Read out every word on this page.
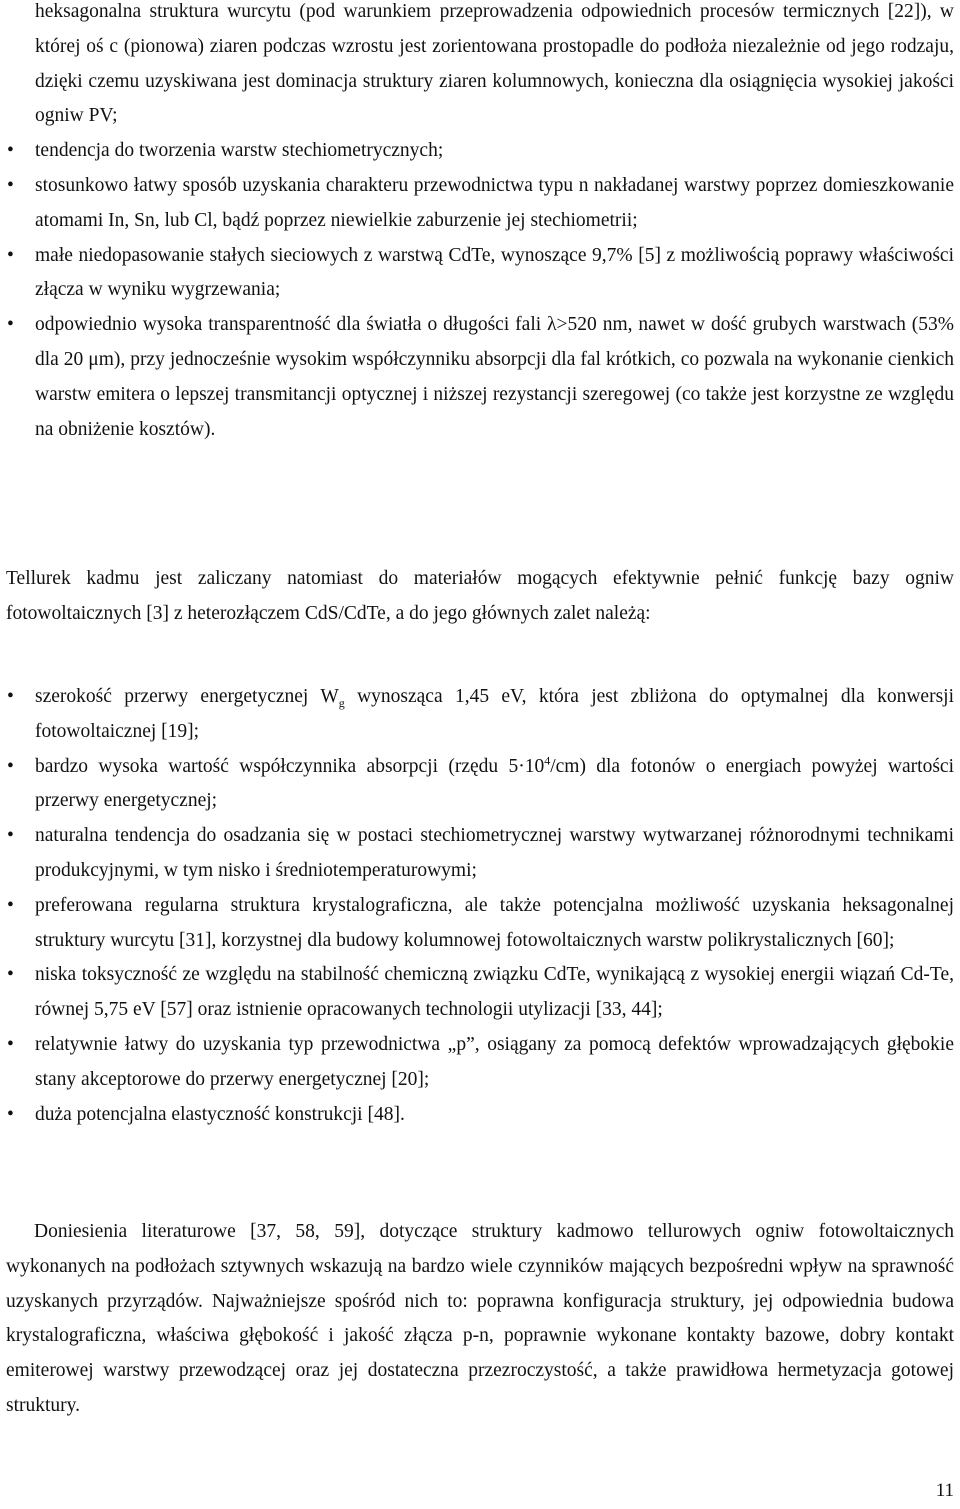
heksagonalna struktura wurcytu (pod warunkiem przeprowadzenia odpowiednich procesów termicznych [22]), w której oś c (pionowa) ziaren podczas wzrostu jest zorientowana prostopadle do podłoża niezależnie od jego rodzaju, dzięki czemu uzyskiwana jest dominacja struktury ziaren kolumnowych, konieczna dla osiągnięcia wysokiej jakości ogniw PV;
•	tendencja do tworzenia warstw stechiometrycznych;
•	stosunkowo łatwy sposób uzyskania charakteru przewodnictwa typu n nakładanej warstwy poprzez domieszkowanie atomami In, Sn, lub Cl, bądź poprzez niewielkie zaburzenie jej stechiometrii;
•	małe niedopasowanie stałych sieciowych z warstwą CdTe, wynoszące 9,7% [5] z możliwością poprawy właściwości złącza w wyniku wygrzewania;
•	odpowiednio wysoka transparentność dla światła o długości fali λ>520 nm, nawet w dość grubych warstwach (53% dla 20 μm), przy jednocześnie wysokim współczynniku absorpcji dla fal krótkich, co pozwala na wykonanie cienkich warstw emitera o lepszej transmitancji optycznej i niższej rezystancji szeregowej (co także jest korzystne ze względu na obniżenie kosztów).

Tellurek kadmu jest zaliczany natomiast do materiałów mogących efektywnie pełnić funkcję bazy ogniw fotowoltaicznych [3] z heterozłączem CdS/CdTe, a do jego głównych zalet należą:

•	szerokość przerwy energetycznej $W_g$ wynosząca 1,45 eV, która jest zbliżona do optymalnej dla konwersji fotowoltaicznej [19];
•	bardzo wysoka wartość współczynnika absorpcji (rzędu $5\cdot 10^4/cm$) dla fotonów o energiach powyżej wartości przerwy energetycznej;
•	naturalna tendencja do osadzania się w postaci stechiometrycznej warstwy wytwarzanej różnorodnymi technikami produkcyjnymi, w tym nisko i średniotemperaturowymi;
•	preferowana regularna struktura krystalograficzna, ale także potencjalna możliwość uzyskania heksagonalnej struktury wurcytu [31], korzystnej dla budowy kolumnowej fotowoltaicznych warstw polikrystalicznych [60];
•	niska toksyczność ze względu na stabilność chemiczną związku CdTe, wynikającą z wysokiej energii wiązań Cd-Te, równej 5,75 eV [57] oraz istnienie opracowanych technologii utylizacji [33, 44];
•	relatywnie łatwy do uzyskania typ przewodnictwa „p”, osiągany za pomocą defektów wprowadzających głębokie stany akceptorowe do przerwy energetycznej [20];
•	duża potencjalna elastyczność konstrukcji [48].

Doniesienia literaturowe [37, 58, 59], dotyczące struktury kadmowo tellurowych ogniw fotowoltaicznych wykonanych na podłożach sztywnych wskazują na bardzo wiele czynników mających bezpośredni wpływ na sprawność uzyskanych przyrządów. Najważniejsze spośród nich to: poprawna konfiguracja struktury, jej odpowiednia budowa krystalograficzna, właściwa głębokość i jakość złącza p-n, poprawnie wykonane kontakty bazowe, dobry kontakt emiterowej warstwy przewodzącej oraz jej dostateczna przezroczystość, a także prawidłowa hermetyzacja gotowej struktury.

11
